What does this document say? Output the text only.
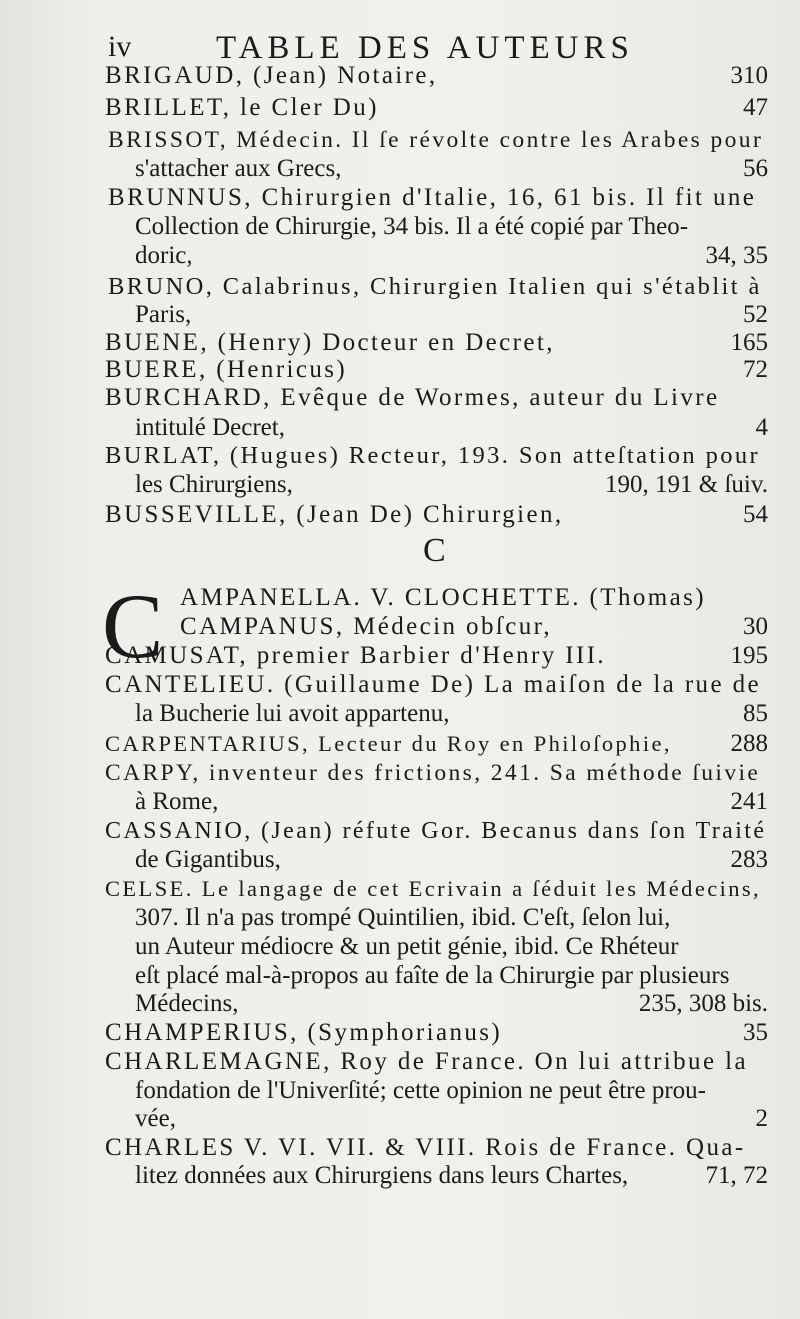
iv	TABLE DES AUTEURS
C
C
BRIGAUD, (Jean) Notaire,	310
BRILLET, le Cler Du)	47
BRISSOT, Médecin. Il ſe révolte contre les Arabes pour
s'attacher aux Grecs,	56
BRUNNUS, Chirurgien d'Italie, 16, 61 bis. Il fit une
Collection de Chirurgie, 34 bis. Il a été copié par Theo-
doric,	34, 35
BRUNO, Calabrinus, Chirurgien Italien qui s'établit à
Paris,	52
BUENE, (Henry) Docteur en Decret,	165
BUERE, (Henricus)	72
BURCHARD, Evêque de Wormes, auteur du Livre
intitulé Decret,	4
BURLAT, (Hugues) Recteur, 193. Son atteſtation pour
les Chirurgiens,	190, 191 & ſuiv.
BUSSEVILLE, (Jean De) Chirurgien,	54
AMPANELLA. V. CLOCHETTE. (Thomas)
CAMPANUS, Médecin obſcur,	30
CAMUSAT, premier Barbier d'Henry III.	195
CANTELIEU. (Guillaume De) La maiſon de la rue de
la Bucherie lui avoit appartenu,	85
CARPENTARIUS, Lecteur du Roy en Philoſophie, 288
CARPY, inventeur des frictions, 241. Sa méthode ſuivie
à Rome,	241
CASSANIO, (Jean) réfute Gor. Becanus dans ſon Traité
de Gigantibus,	283
CELSE. Le langage de cet Ecrivain a ſéduit les Médecins,
307. Il n'a pas trompé Quintilien, ibid. C'eſt, ſelon lui,
un Auteur médiocre & un petit génie, ibid. Ce Rhéteur
eſt placé mal-à-propos au faîte de la Chirurgie par plusieurs
Médecins,	235, 308 bis.
CHAMPERIUS, (Symphorianus)	35
CHARLEMAGNE, Roy de France. On lui attribue la
fondation de l'Univerſité; cette opinion ne peut être prou-
vée,	2
CHARLES V. VI. VII. & VIII. Rois de France. Qua-
litez données aux Chirurgiens dans leurs Chartes,	71, 72
